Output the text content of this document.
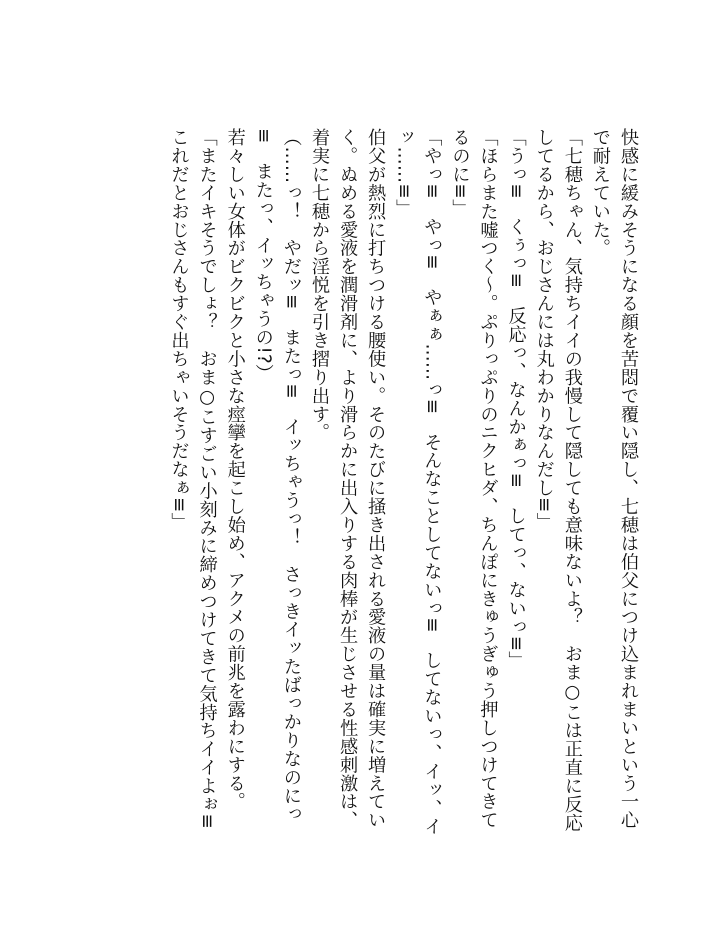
快感に緩みそうになる顔を苦悶で覆い隠し、七穂は伯父につけ込まれまいという一心で耐えていた。

「七穂ちゃん、気持ちイイの我慢して隠しても意味ないよ？　おま○こは正直に反応してるから、おじさんには丸わかりなんだし≡」

「うっ≡　くぅっ≡　反応っ、なんかぁっ≡　してっ、ないっ≡」

「ほらまた嘘つく～。ぷりっぷりのニクヒダ、ちんぽにきゅうぎゅう押しつけてきてるのに≡」

「やっ≡　やっ≡　やぁぁ……っ≡　そんなことしてないっ≡　してないっ、イッ、イッ……≡」

伯父が熱烈に打ちつける腰使い。そのたびに掻き出される愛液の量は確実に増えていく。ぬめる愛液を潤滑剤に、より滑らかに出入りする肉棒が生じさせる性感刺激は、着実に七穂から淫悦を引き摺り出す。

（……っ！　やだッ≡　またっ≡　イッちゃうっ！　さっきイッたばっかりなのにっ≡　またっ、イッちゃうの!?）

若々しい女体がビクビクと小さな痙攣を起こし始め、アクメの前兆を露わにする。

「またイキそうでしょ？　おま○こすごい小刻みに締めつけてきて気持ちイイよぉ≡　これだとおじさんもすぐ出ちゃいそうだなぁ≡」
